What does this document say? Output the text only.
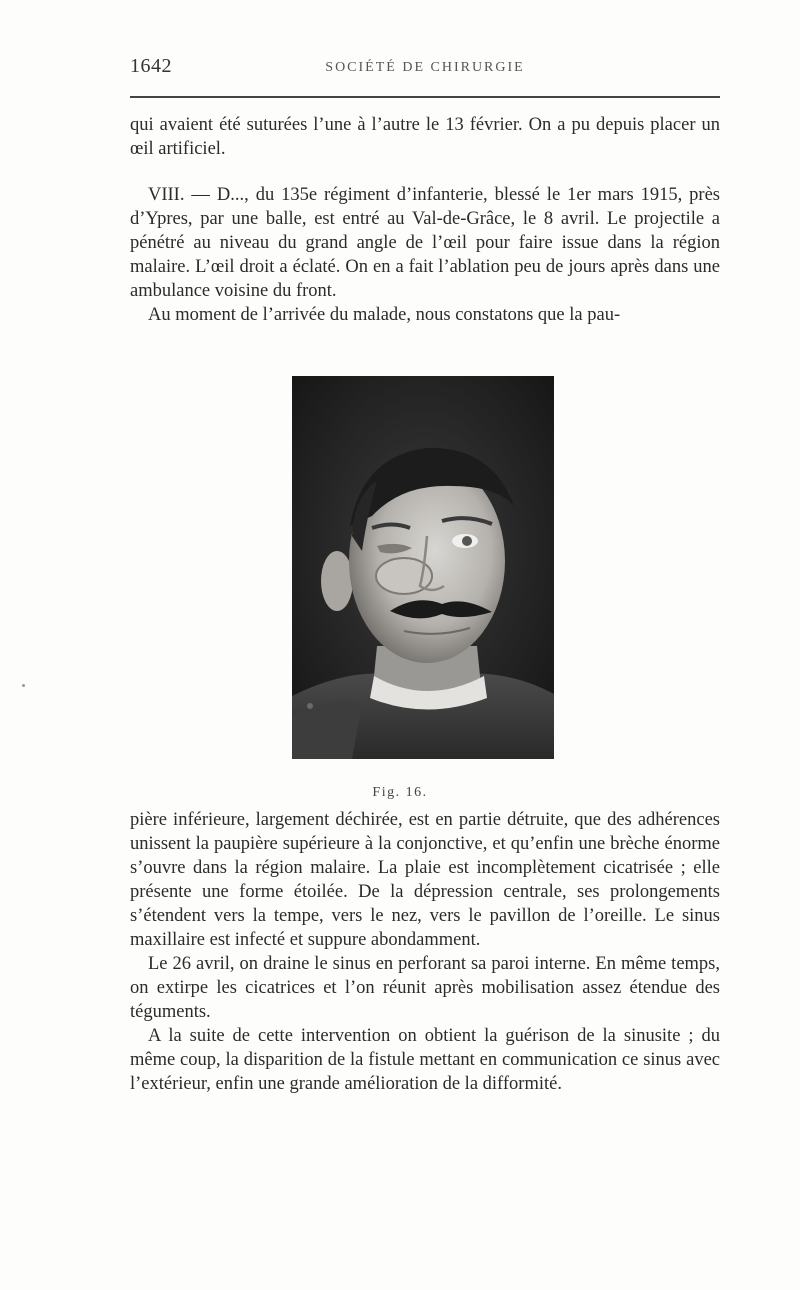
1642	SOCIÉTÉ DE CHIRURGIE

qui avaient été suturées l’une à l’autre le 13 février. On a pu depuis placer un œil artificiel.

VIII. — D..., du 135e régiment d’infanterie, blessé le 1er mars 1915, près d’Ypres, par une balle, est entré au Val-de-Grâce, le 8 avril. Le projectile a pénétré au niveau du grand angle de l’œil pour faire issue dans la région malaire. L’œil droit a éclaté. On en a fait l’ablation peu de jours après dans une ambulance voisine du front.

Au moment de l’arrivée du malade, nous constatons que la pau-

Fig. 16.

pière inférieure, largement déchirée, est en partie détruite, que des adhérences unissent la paupière supérieure à la conjonctive, et qu’enfin une brèche énorme s’ouvre dans la région malaire. La plaie est incomplètement cicatrisée ; elle présente une forme étoilée. De la dépression centrale, ses prolongements s’étendent vers la tempe, vers le nez, vers le pavillon de l’oreille. Le sinus maxillaire est infecté et suppure abondamment.

Le 26 avril, on draine le sinus en perforant sa paroi interne. En même temps, on extirpe les cicatrices et l’on réunit après mobilisation assez étendue des téguments.

A la suite de cette intervention on obtient la guérison de la sinusite ; du même coup, la disparition de la fistule mettant en communication ce sinus avec l’extérieur, enfin une grande amélioration de la difformité.
